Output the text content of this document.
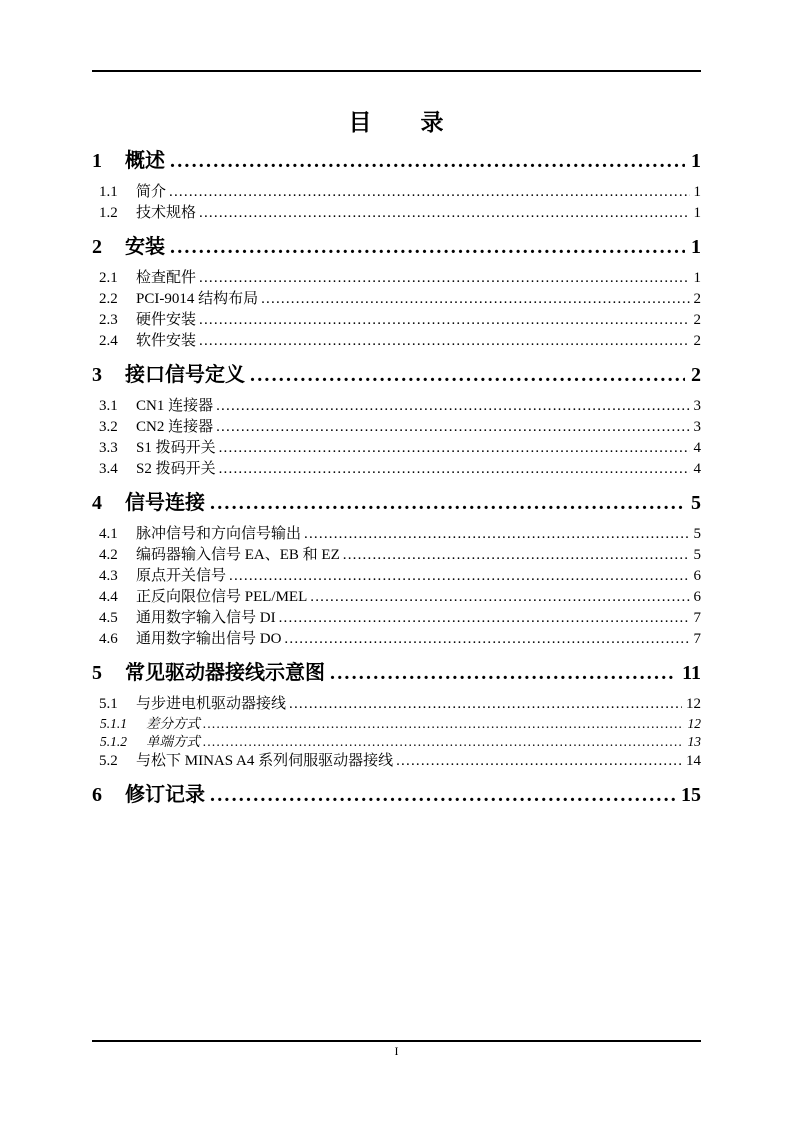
目　　录
1	概述 .....	1
1.1	简介 .....	1
1.2	技术规格 .....	1
2	安装 .....	1
2.1	检查配件 .....	1
2.2	PCI-9014 结构布局 .....	2
2.3	硬件安装 .....	2
2.4	软件安装 .....	2
3	接口信号定义 .....	2
3.1	CN1 连接器 .....	3
3.2	CN2 连接器 .....	3
3.3	S1 拨码开关 .....	4
3.4	S2 拨码开关 .....	4
4	信号连接 .....	5
4.1	脉冲信号和方向信号输出 .....	5
4.2	编码器输入信号 EA、EB 和 EZ .....	5
4.3	原点开关信号 .....	6
4.4	正反向限位信号 PEL/MEL .....	6
4.5	通用数字输入信号 DI .....	7
4.6	通用数字输出信号 DO .....	7
5	常见驱动器接线示意图 .....	11
5.1	与步进电机驱动器接线 .....	12
5.1.1	差分方式 .....	12
5.1.2	单端方式 .....	13
5.2	与松下 MINAS A4 系列伺服驱动器接线 .....	14
6	修订记录 .....	15
I
